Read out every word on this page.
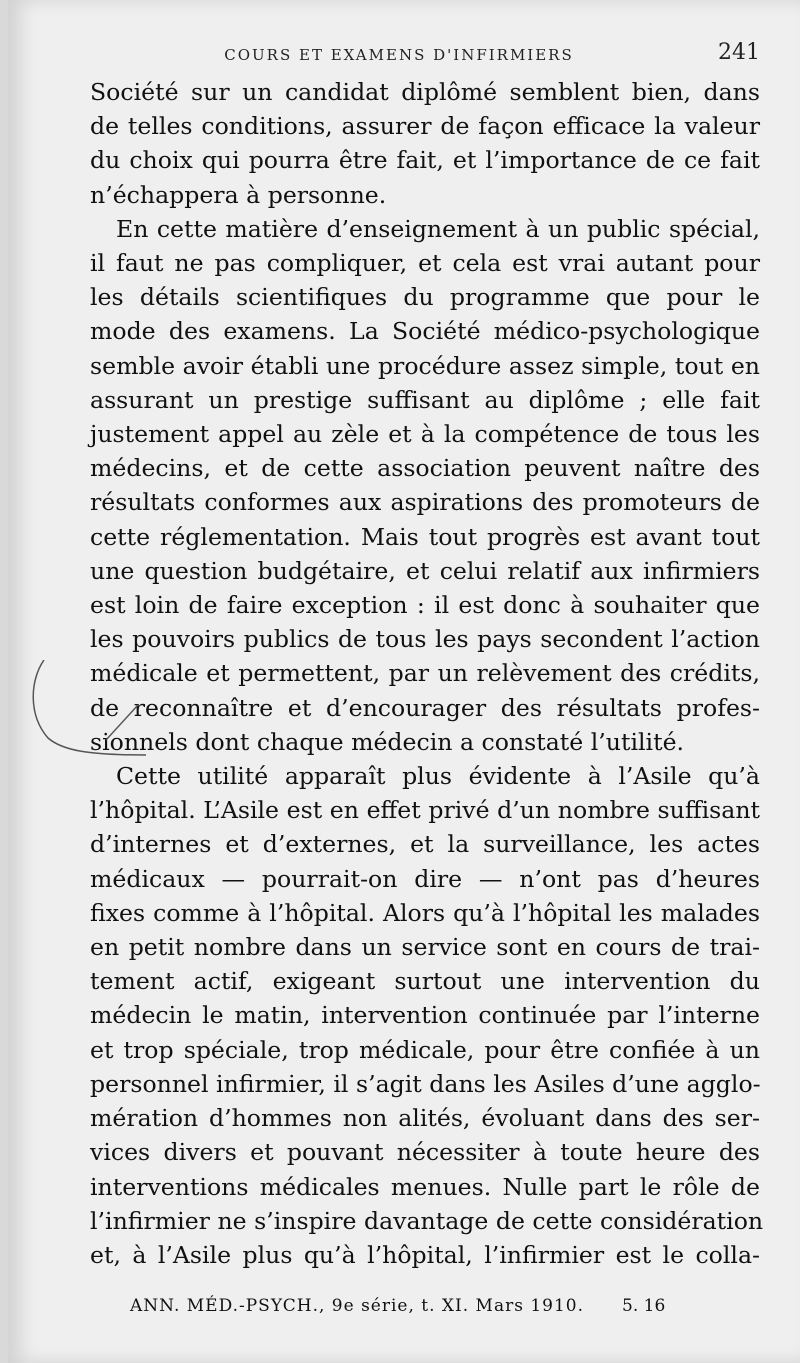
COURS ET EXAMENS D'INFIRMIERS	241
Société sur un candidat diplômé semblent bien, dans
de telles conditions, assurer de façon efficace la valeur
du choix qui pourra être fait, et l’importance de ce fait
n’échappera à personne.
En cette matière d’enseignement à un public spécial,
il faut ne pas compliquer, et cela est vrai autant pour
les détails scientifiques du programme que pour le
mode des examens. La Société médico-psychologique
semble avoir établi une procédure assez simple, tout en
assurant un prestige suffisant au diplôme ; elle fait
justement appel au zèle et à la compétence de tous les
médecins, et de cette association peuvent naître des
résultats conformes aux aspirations des promoteurs de
cette réglementation. Mais tout progrès est avant tout
une question budgétaire, et celui relatif aux infirmiers
est loin de faire exception : il est donc à souhaiter que
les pouvoirs publics de tous les pays secondent l’action
médicale et permettent, par un relèvement des crédits,
de reconnaître et d’encourager des résultats profes-
sionnels dont chaque médecin a constaté l’utilité.
Cette utilité apparaît plus évidente à l’Asile qu’à
l’hôpital. L’Asile est en effet privé d’un nombre suffisant
d’internes et d’externes, et la surveillance, les actes
médicaux — pourrait-on dire — n’ont pas d’heures
fixes comme à l’hôpital. Alors qu’à l’hôpital les malades
en petit nombre dans un service sont en cours de trai-
tement actif, exigeant surtout une intervention du
médecin le matin, intervention continuée par l’interne
et trop spéciale, trop médicale, pour être confiée à un
personnel infirmier, il s’agit dans les Asiles d’une agglo-
mération d’hommes non alités, évoluant dans des ser-
vices divers et pouvant nécessiter à toute heure des
interventions médicales menues. Nulle part le rôle de
l’infirmier ne s’inspire davantage de cette considération
et, à l’Asile plus qu’à l’hôpital, l’infirmier est le colla-
ANN. MÉD.-PSYCH., 9e série, t. XI. Mars 1910. 5. 16
